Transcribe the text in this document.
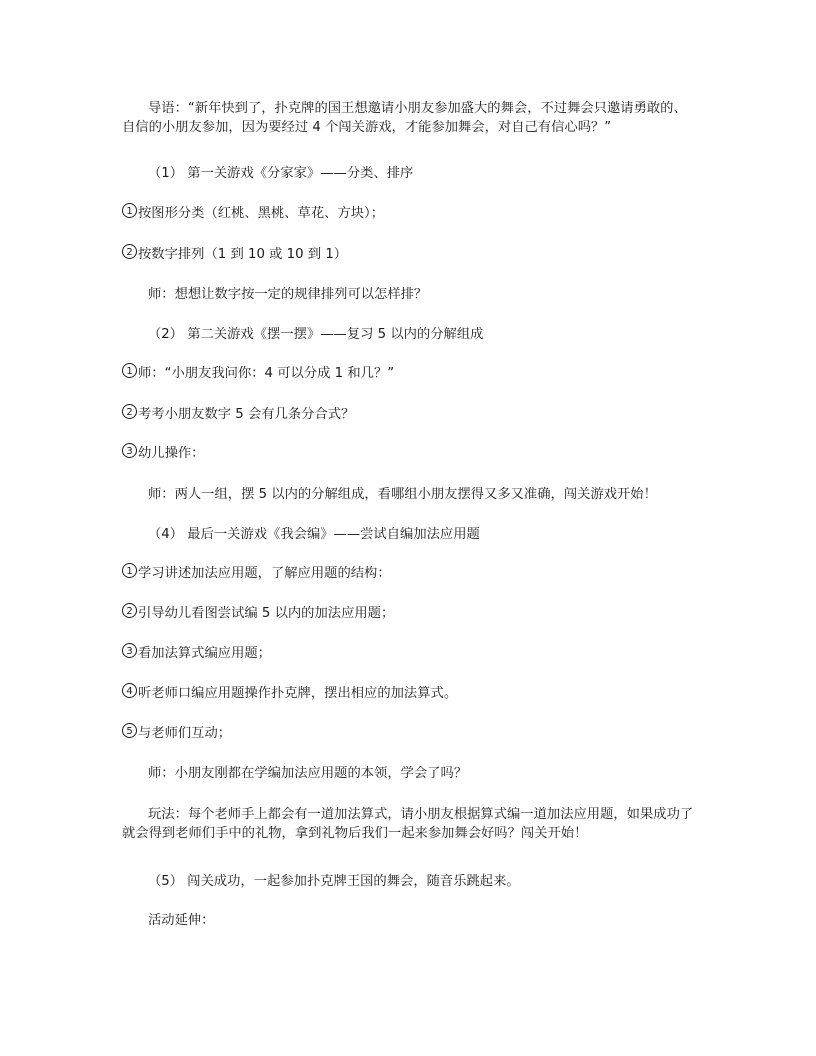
导语：“新年快到了，扑克牌的国王想邀请小朋友参加盛大的舞会，不过舞会只邀请勇敢的、自信的小朋友参加，因为要经过 4 个闯关游戏，才能参加舞会，对自己有信心吗？”

（1） 第一关游戏《分家家》——分类、排序

1 按图形分类（红桃、黑桃、草花、方块）；

2 按数字排列（1 到 10 或 10 到 1）

师：想想让数字按一定的规律排列可以怎样排？

（2） 第二关游戏《摆一摆》——复习 5 以内的分解组成

1 师：“小朋友我问你：4 可以分成 1 和几？”

2 考考小朋友数字 5 会有几条分合式？

3 幼儿操作：

师：两人一组，摆 5 以内的分解组成，看哪组小朋友摆得又多又准确，闯关游戏开始！

（4） 最后一关游戏《我会编》——尝试自编加法应用题

1 学习讲述加法应用题，了解应用题的结构：

2 引导幼儿看图尝试编 5 以内的加法应用题；

3 看加法算式编应用题；

4 听老师口编应用题操作扑克牌，摆出相应的加法算式。

5 与老师们互动；

师：小朋友刚都在学编加法应用题的本领，学会了吗？

玩法：每个老师手上都会有一道加法算式，请小朋友根据算式编一道加法应用题，如果成功了就会得到老师们手中的礼物，拿到礼物后我们一起来参加舞会好吗？闯关开始！

（5） 闯关成功，一起参加扑克牌王国的舞会，随音乐跳起来。

活动延伸：
